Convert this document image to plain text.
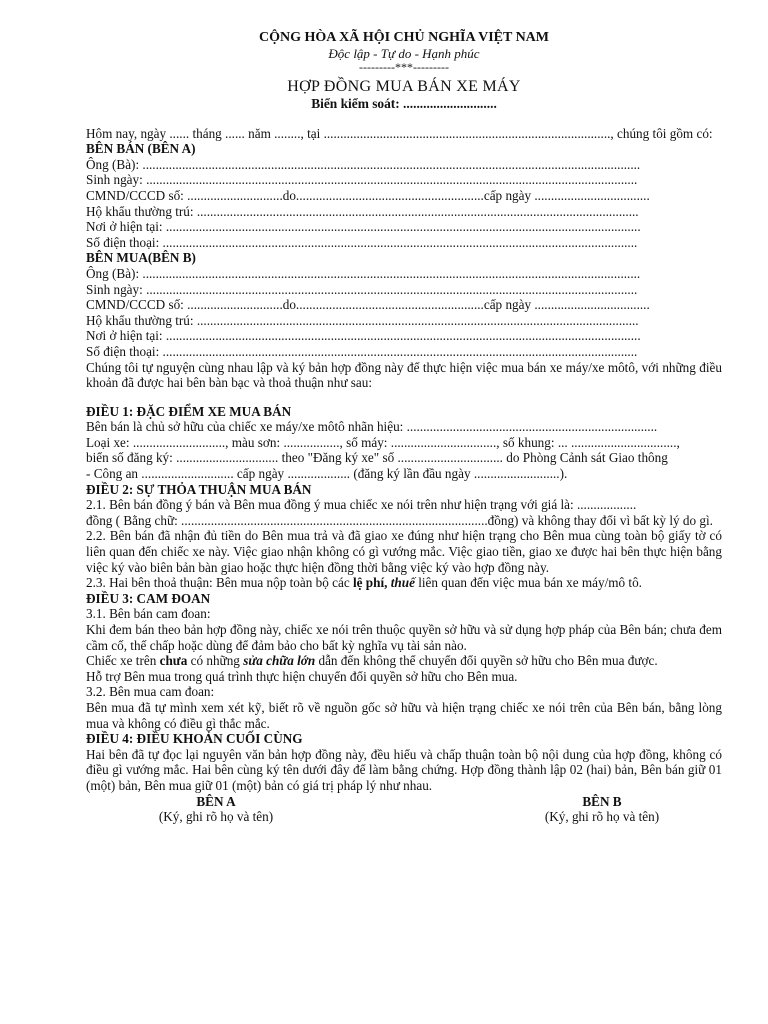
CỘNG HÒA XÃ HỘI CHỦ NGHĨA VIỆT NAM
Độc lập - Tự do - Hạnh phúc
---------***---------
HỢP ĐỒNG MUA BÁN XE MÁY
Biển kiểm soát: ............................
Hôm nay, ngày ...... tháng ...... năm ........, tại ......................................................................................., chúng tôi gồm có:
BÊN BÁN (BÊN A)
Ông (Bà): .......................................................................................................................................................
Sinh ngày: .....................................................................................................................................................
CMND/CCCD số: .............................do.........................................................cấp ngày ...................................
Hộ khẩu thường trú: ......................................................................................................................................
Nơi ở hiện tại: ................................................................................................................................................
Số điện thoại: ................................................................................................................................................
BÊN MUA(BÊN B)
Ông (Bà): .......................................................................................................................................................
Sinh ngày: .....................................................................................................................................................
CMND/CCCD số: .............................do.........................................................cấp ngày ...................................
Hộ khẩu thường trú: ......................................................................................................................................
Nơi ở hiện tại: ................................................................................................................................................
Số điện thoại: ................................................................................................................................................
Chúng tôi tự nguyện cùng nhau lập và ký bản hợp đồng này để thực hiện việc mua bán xe máy/xe môtô, với những điều khoản đã được hai bên bàn bạc và thoả thuận như sau:
ĐIỀU 1: ĐẶC ĐIỂM XE MUA BÁN
Bên bán là chủ sở hữu của chiếc xe máy/xe môtô nhãn hiệu: ............................................................................
Loại xe: ............................, màu sơn: ................., số máy: ................................, số khung: ... ................................,
biển số đăng ký: ............................... theo "Đăng ký xe" số ................................ do Phòng Cảnh sát Giao thông
- Công an ............................ cấp ngày ................... (đăng ký lần đầu ngày ..........................).
ĐIỀU 2: SỰ THỎA THUẬN MUA BÁN
2.1. Bên bán đồng ý bán và Bên mua đồng ý mua chiếc xe nói trên như hiện trạng với giá là: ..................
đồng ( Bằng chữ: .............................................................................................đồng) và không thay đổi vì bất kỳ lý do gì.
2.2. Bên bán đã nhận đủ tiền do Bên mua trả và đã giao xe đúng như hiện trạng cho Bên mua cùng toàn bộ giấy tờ có liên quan đến chiếc xe này. Việc giao nhận không có gì vướng mắc. Việc giao tiền, giao xe được hai bên thực hiện bằng việc ký vào biên bản bàn giao hoặc thực hiện đồng thời bằng việc ký vào hợp đồng này.
2.3. Hai bên thoả thuận: Bên mua nộp toàn bộ các lệ phí, thuế liên quan đến việc mua bán xe máy/mô tô.
ĐIỀU 3: CAM ĐOAN
3.1. Bên bán cam đoan:
Khi đem bán theo bản hợp đồng này, chiếc xe nói trên thuộc quyền sở hữu và sử dụng hợp pháp của Bên bán; chưa đem cầm cố, thế chấp hoặc dùng để đảm bảo cho bất kỳ nghĩa vụ tài sản nào.
Chiếc xe trên chưa có những sửa chữa lớn dẫn đến không thể chuyển đổi quyền sở hữu cho Bên mua được.
Hỗ trợ Bên mua trong quá trình thực hiện chuyển đổi quyền sở hữu cho Bên mua.
3.2. Bên mua cam đoan:
Bên mua đã tự mình xem xét kỹ, biết rõ về nguồn gốc sở hữu và hiện trạng chiếc xe nói trên của Bên bán, bằng lòng mua và không có điều gì thắc mắc.
ĐIỀU 4: ĐIỀU KHOẢN CUỐI CÙNG
Hai bên đã tự đọc lại nguyên văn bản hợp đồng này, đều hiểu và chấp thuận toàn bộ nội dung của hợp đồng, không có điều gì vướng mắc. Hai bên cùng ký tên dưới đây để làm bằng chứng. Hợp đồng thành lập 02 (hai) bản, Bên bán giữ 01 (một) bản, Bên mua giữ 01 (một) bản có giá trị pháp lý như nhau.
BÊN A
(Ký, ghi rõ họ và tên)
BÊN B
(Ký, ghi rõ họ và tên)
